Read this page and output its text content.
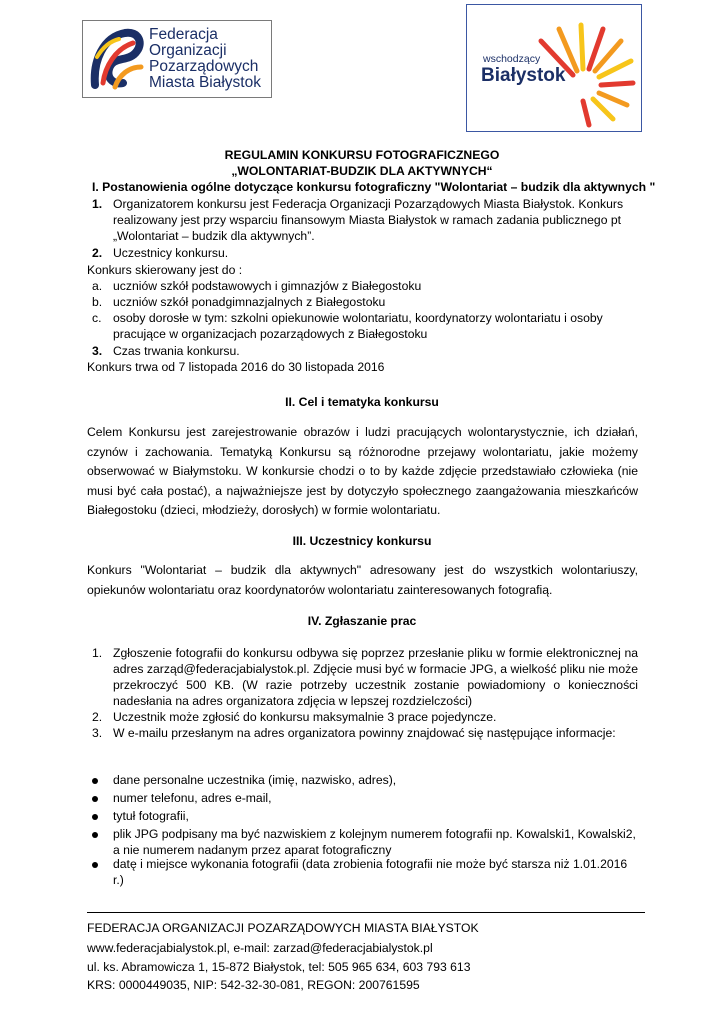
Federacja
Organizacji
Pozarządowych
Miasta Białystok
wschodzący
Białystok
REGULAMIN KONKURSU FOTOGRAFICZNEGO
„WOLONTARIAT-BUDZIK DLA AKTYWNYCH“
I. Postanowienia ogólne dotyczące konkursu fotograficzny "Wolontariat – budzik dla aktywnych "
1. Organizatorem konkursu jest Federacja Organizacji Pozarządowych Miasta Białystok. Konkurs
realizowany jest przy wsparciu finansowym Miasta Białystok w ramach zadania publicznego pt
„Wolontariat – budzik dla aktywnych”.
2. Uczestnicy konkursu.
Konkurs skierowany jest do :
a. uczniów szkół podstawowych i gimnazjów z Białegostoku
b. uczniów szkół ponadgimnazjalnych z Białegostoku
c. osoby dorosłe w tym: szkolni opiekunowie wolontariatu, koordynatorzy wolontariatu i osoby
pracujące w organizacjach pozarządowych z Białegostoku
3. Czas trwania konkursu.
Konkurs trwa od 7 listopada 2016 do 30 listopada 2016
II. Cel i tematyka konkursu
Celem Konkursu jest zarejestrowanie obrazów i ludzi pracujących wolontarystycznie, ich działań,
czynów i zachowania. Tematyką Konkursu są różnorodne przejawy wolontariatu, jakie możemy
obserwować w Białymstoku. W konkursie chodzi o to by każde zdjęcie przedstawiało człowieka (nie
musi być cała postać), a najważniejsze jest by dotyczyło społecznego zaangażowania mieszkańców
Białegostoku (dzieci, młodzieży, dorosłych) w formie wolontariatu.
III. Uczestnicy konkursu
Konkurs "Wolontariat – budzik dla aktywnych" adresowany jest do wszystkich wolontariuszy,
opiekunów wolontariatu oraz koordynatorów wolontariatu zainteresowanych fotografią.
IV. Zgłaszanie prac
1. Zgłoszenie fotografii do konkursu odbywa się poprzez przesłanie pliku w formie elektronicznej na
adres zarząd@federacjabialystok.pl. Zdjęcie musi być w formacie JPG, a wielkość pliku nie może
przekroczyć 500 KB. (W razie potrzeby uczestnik zostanie powiadomiony o konieczności
nadesłania na adres organizatora zdjęcia w lepszej rozdzielczości)
2. Uczestnik może zgłosić do konkursu maksymalnie 3 prace pojedyncze.
3. W e-mailu przesłanym na adres organizatora powinny znajdować się następujące informacje:
dane personalne uczestnika (imię, nazwisko, adres),
numer telefonu, adres e-mail,
tytuł fotografii,
plik JPG podpisany ma być nazwiskiem z kolejnym numerem fotografii np. Kowalski1, Kowalski2,
a nie numerem nadanym przez aparat fotograficzny
datę i miejsce wykonania fotografii (data zrobienia fotografii nie może być starsza niż 1.01.2016
r.)
FEDERACJA ORGANIZACJI POZARZĄDOWYCH MIASTA BIAŁYSTOK
www.federacjabialystok.pl, e-mail: zarzad@federacjabialystok.pl
ul. ks. Abramowicza 1, 15-872 Białystok, tel: 505 965 634, 603 793 613
KRS: 0000449035, NIP: 542-32-30-081, REGON: 200761595
